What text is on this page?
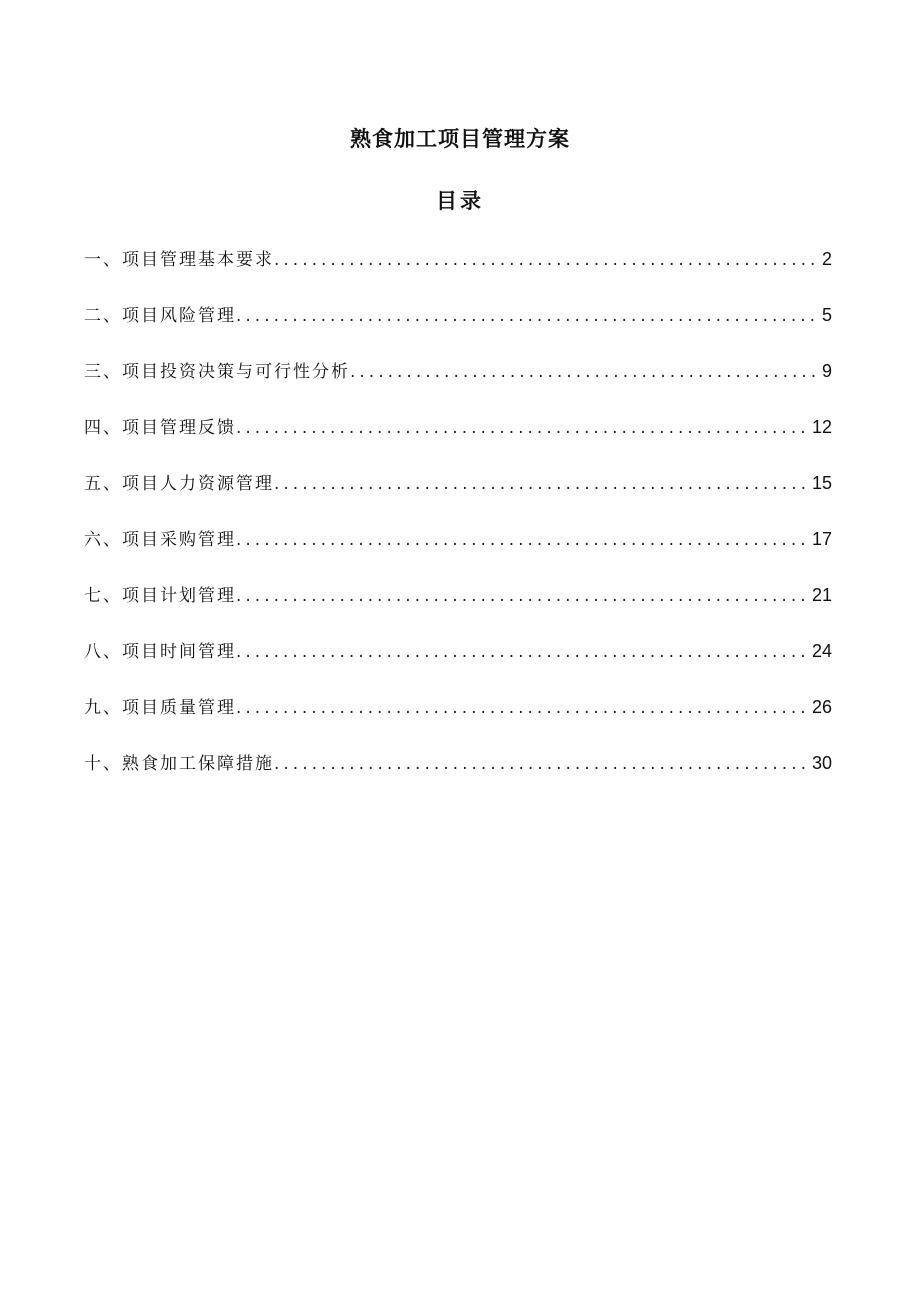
熟食加工项目管理方案
目录
一、项目管理基本要求 .....	2
二、项目风险管理 .....	5
三、项目投资决策与可行性分析 .....	9
四、项目管理反馈 .....	12
五、项目人力资源管理 .....	15
六、项目采购管理 .....	17
七、项目计划管理 .....	21
八、项目时间管理 .....	24
九、项目质量管理 .....	26
十、熟食加工保障措施 .....	30
